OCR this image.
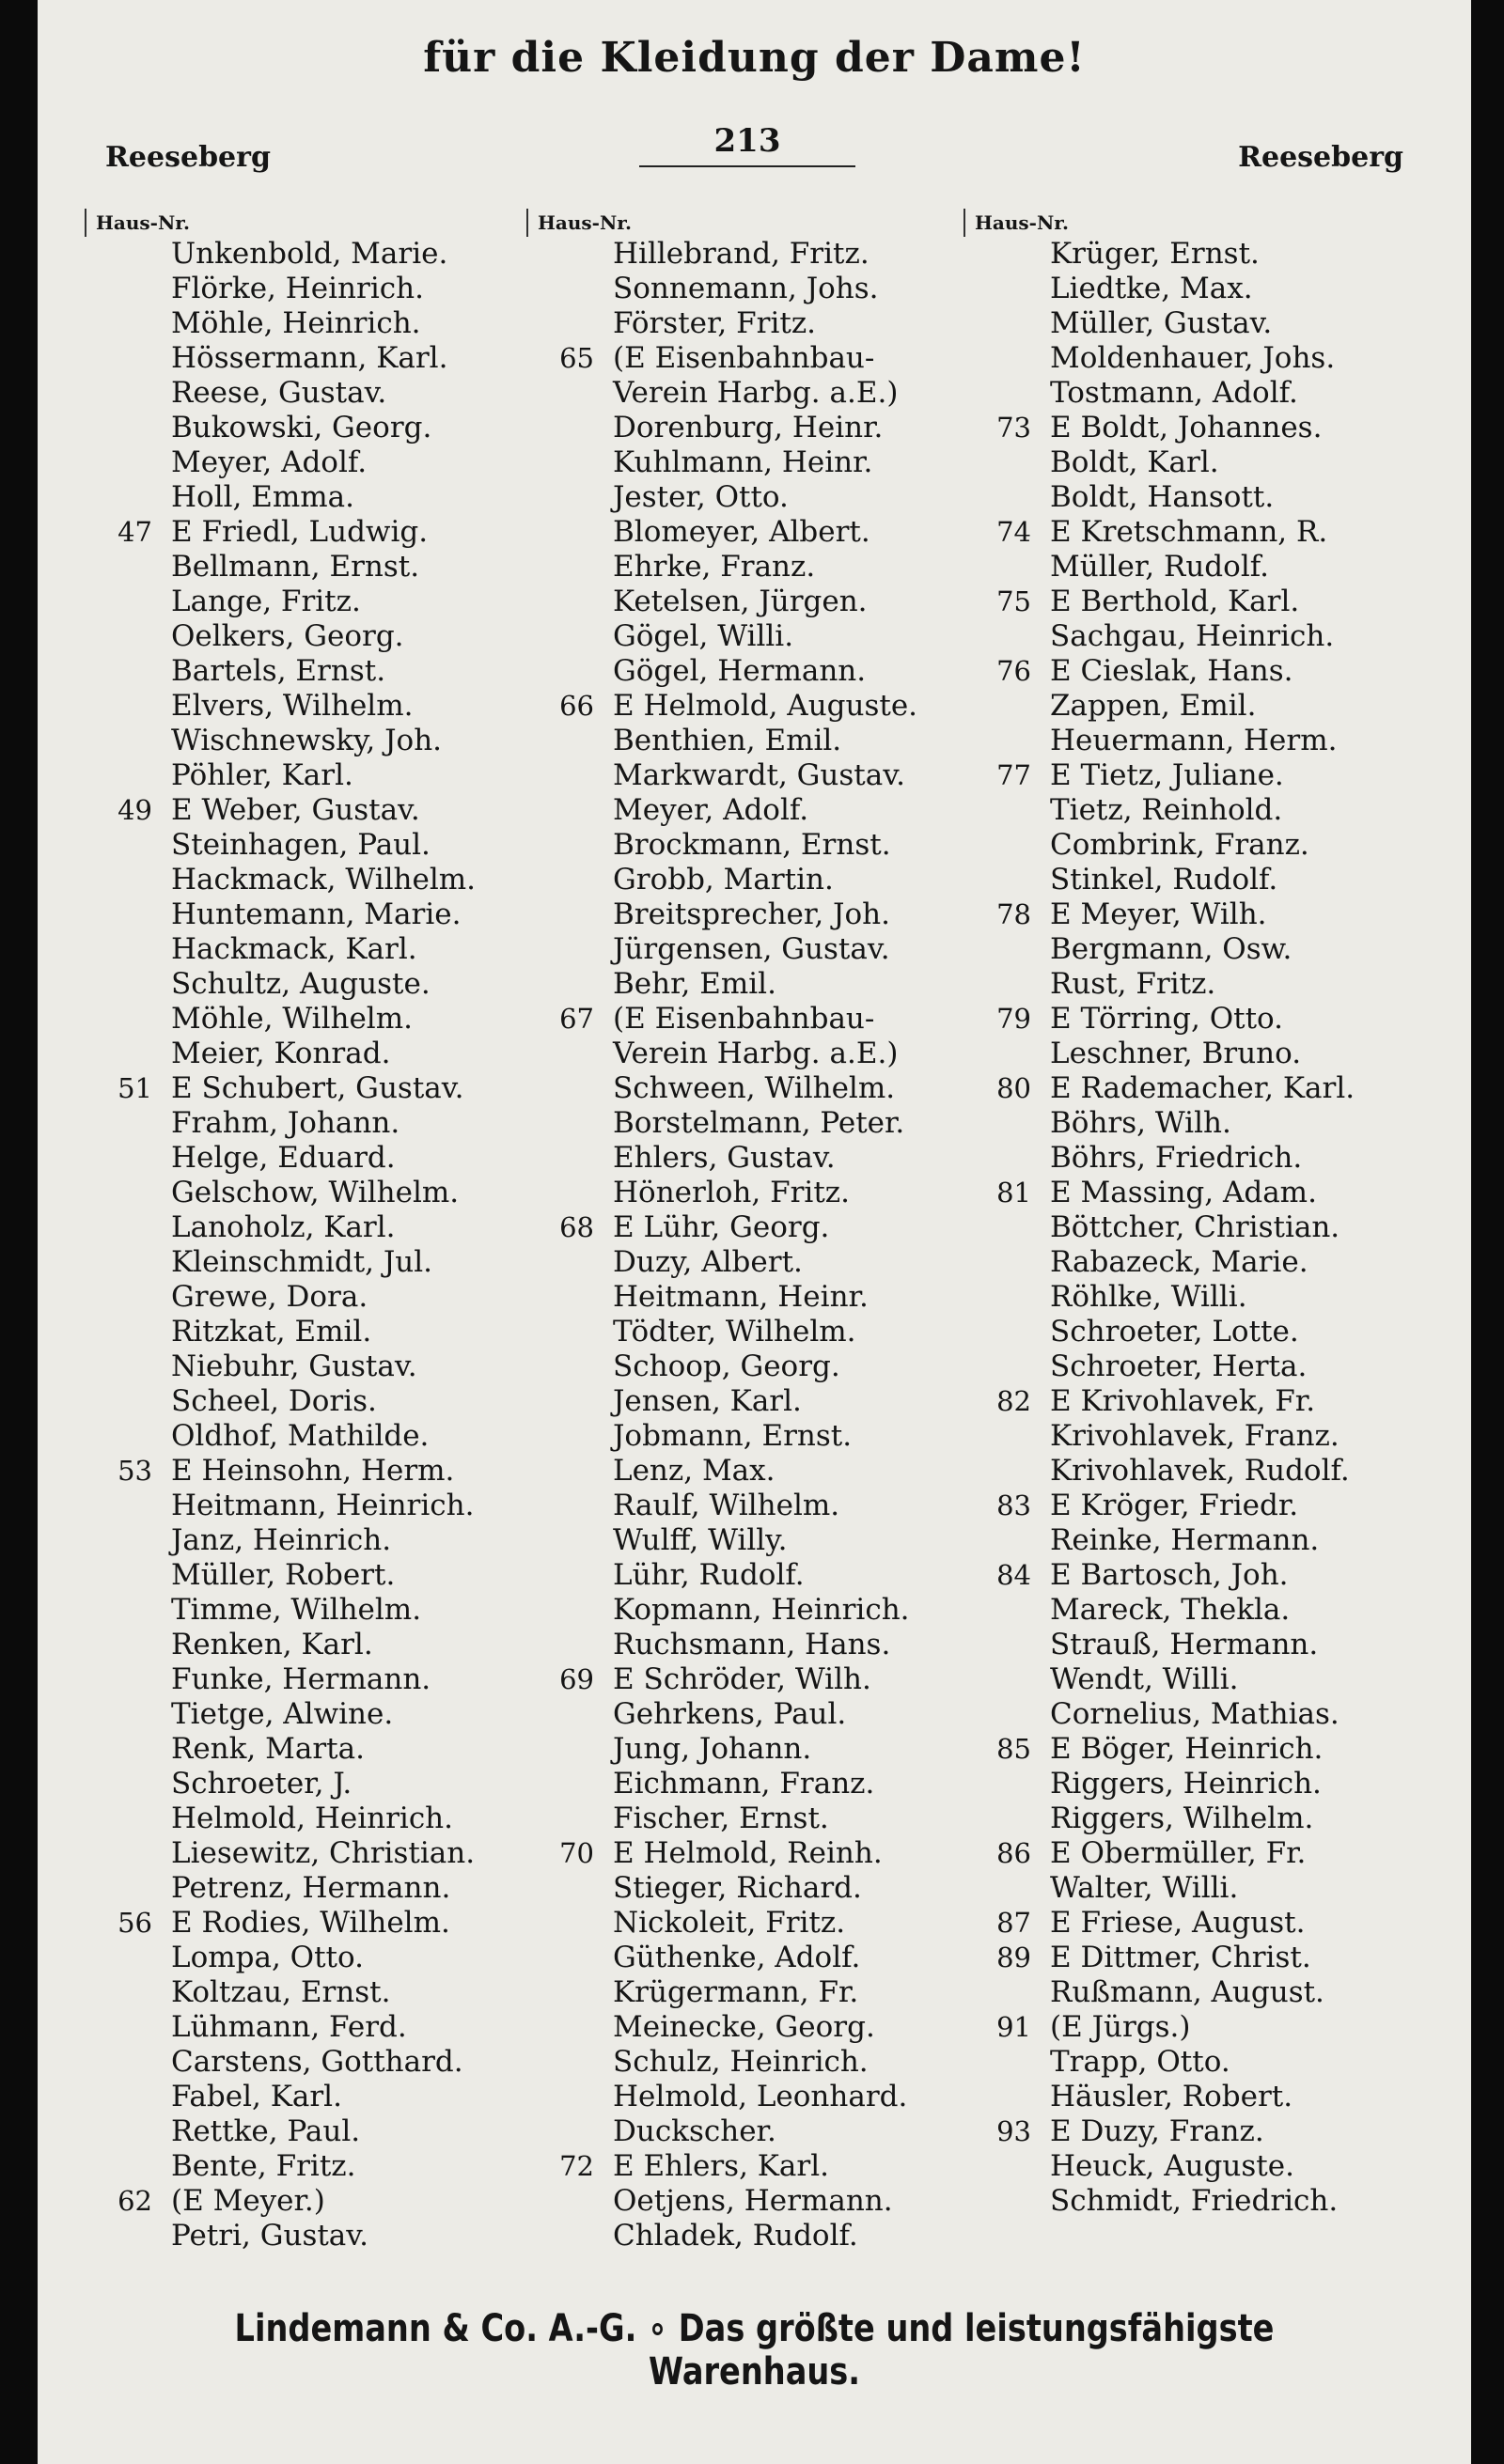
für die Kleidung der Dame!
Reeseberg	213	Reeseberg
Haus-Nr.
Unkenbold, Marie.
Flörke, Heinrich.
Möhle, Heinrich.
Hössermann, Karl.
Reese, Gustav.
Bukowski, Georg.
Meyer, Adolf.
Holl, Emma.
47 E Friedl, Ludwig.
Bellmann, Ernst.
Lange, Fritz.
Oelkers, Georg.
Bartels, Ernst.
Elvers, Wilhelm.
Wischnewsky, Joh.
Pöhler, Karl.
49 E Weber, Gustav.
Steinhagen, Paul.
Hackmack, Wilhelm.
Huntemann, Marie.
Hackmack, Karl.
Schultz, Auguste.
Möhle, Wilhelm.
Meier, Konrad.
51 E Schubert, Gustav.
Frahm, Johann.
Helge, Eduard.
Gelschow, Wilhelm.
Lanoholz, Karl.
Kleinschmidt, Jul.
Grewe, Dora.
Ritzkat, Emil.
Niebuhr, Gustav.
Scheel, Doris.
Oldhof, Mathilde.
53 E Heinsohn, Herm.
Heitmann, Heinrich.
Janz, Heinrich.
Müller, Robert.
Timme, Wilhelm.
Renken, Karl.
Funke, Hermann.
Tietge, Alwine.
Renk, Marta.
Schroeter, J.
Helmold, Heinrich.
Liesewitz, Christian.
Petrenz, Hermann.
56 E Rodies, Wilhelm.
Lompa, Otto.
Koltzau, Ernst.
Lühmann, Ferd.
Carstens, Gotthard.
Fabel, Karl.
Rettke, Paul.
Bente, Fritz.
62 (E Meyer.)
Petri, Gustav.
Haus-Nr.
Hillebrand, Fritz.
Sonnemann, Johs.
Förster, Fritz.
65 (E Eisenbahnbau-
Verein Harbg. a.E.)
Dorenburg, Heinr.
Kuhlmann, Heinr.
Jester, Otto.
Blomeyer, Albert.
Ehrke, Franz.
Ketelsen, Jürgen.
Gögel, Willi.
Gögel, Hermann.
66 E Helmold, Auguste.
Benthien, Emil.
Markwardt, Gustav.
Meyer, Adolf.
Brockmann, Ernst.
Grobb, Martin.
Breitsprecher, Joh.
Jürgensen, Gustav.
Behr, Emil.
67 (E Eisenbahnbau-
Verein Harbg. a.E.)
Schween, Wilhelm.
Borstelmann, Peter.
Ehlers, Gustav.
Hönerloh, Fritz.
68 E Lühr, Georg.
Duzy, Albert.
Heitmann, Heinr.
Tödter, Wilhelm.
Schoop, Georg.
Jensen, Karl.
Jobmann, Ernst.
Lenz, Max.
Raulf, Wilhelm.
Wulff, Willy.
Lühr, Rudolf.
Kopmann, Heinrich.
Ruchsmann, Hans.
69 E Schröder, Wilh.
Gehrkens, Paul.
Jung, Johann.
Eichmann, Franz.
Fischer, Ernst.
70 E Helmold, Reinh.
Stieger, Richard.
Nickoleit, Fritz.
Güthenke, Adolf.
Krügermann, Fr.
Meinecke, Georg.
Schulz, Heinrich.
Helmold, Leonhard.
Duckscher.
72 E Ehlers, Karl.
Oetjens, Hermann.
Chladek, Rudolf.
Haus-Nr.
Krüger, Ernst.
Liedtke, Max.
Müller, Gustav.
Moldenhauer, Johs.
Tostmann, Adolf.
73 E Boldt, Johannes.
Boldt, Karl.
Boldt, Hansott.
74 E Kretschmann, R.
Müller, Rudolf.
75 E Berthold, Karl.
Sachgau, Heinrich.
76 E Cieslak, Hans.
Zappen, Emil.
Heuermann, Herm.
77 E Tietz, Juliane.
Tietz, Reinhold.
Combrink, Franz.
Stinkel, Rudolf.
78 E Meyer, Wilh.
Bergmann, Osw.
Rust, Fritz.
79 E Törring, Otto.
Leschner, Bruno.
80 E Rademacher, Karl.
Böhrs, Wilh.
Böhrs, Friedrich.
81 E Massing, Adam.
Böttcher, Christian.
Rabazeck, Marie.
Röhlke, Willi.
Schroeter, Lotte.
Schroeter, Herta.
82 E Krivohlavek, Fr.
Krivohlavek, Franz.
Krivohlavek, Rudolf.
83 E Kröger, Friedr.
Reinke, Hermann.
84 E Bartosch, Joh.
Mareck, Thekla.
Strauß, Hermann.
Wendt, Willi.
Cornelius, Mathias.
85 E Böger, Heinrich.
Riggers, Heinrich.
Riggers, Wilhelm.
86 E Obermüller, Fr.
Walter, Willi.
87 E Friese, August.
89 E Dittmer, Christ.
Rußmann, August.
91 (E Jürgs.)
Trapp, Otto.
Häusler, Robert.
93 E Duzy, Franz.
Heuck, Auguste.
Schmidt, Friedrich.
Lindemann & Co. A.-G. ∘ Das größte und leistungsfähigste Warenhaus.
